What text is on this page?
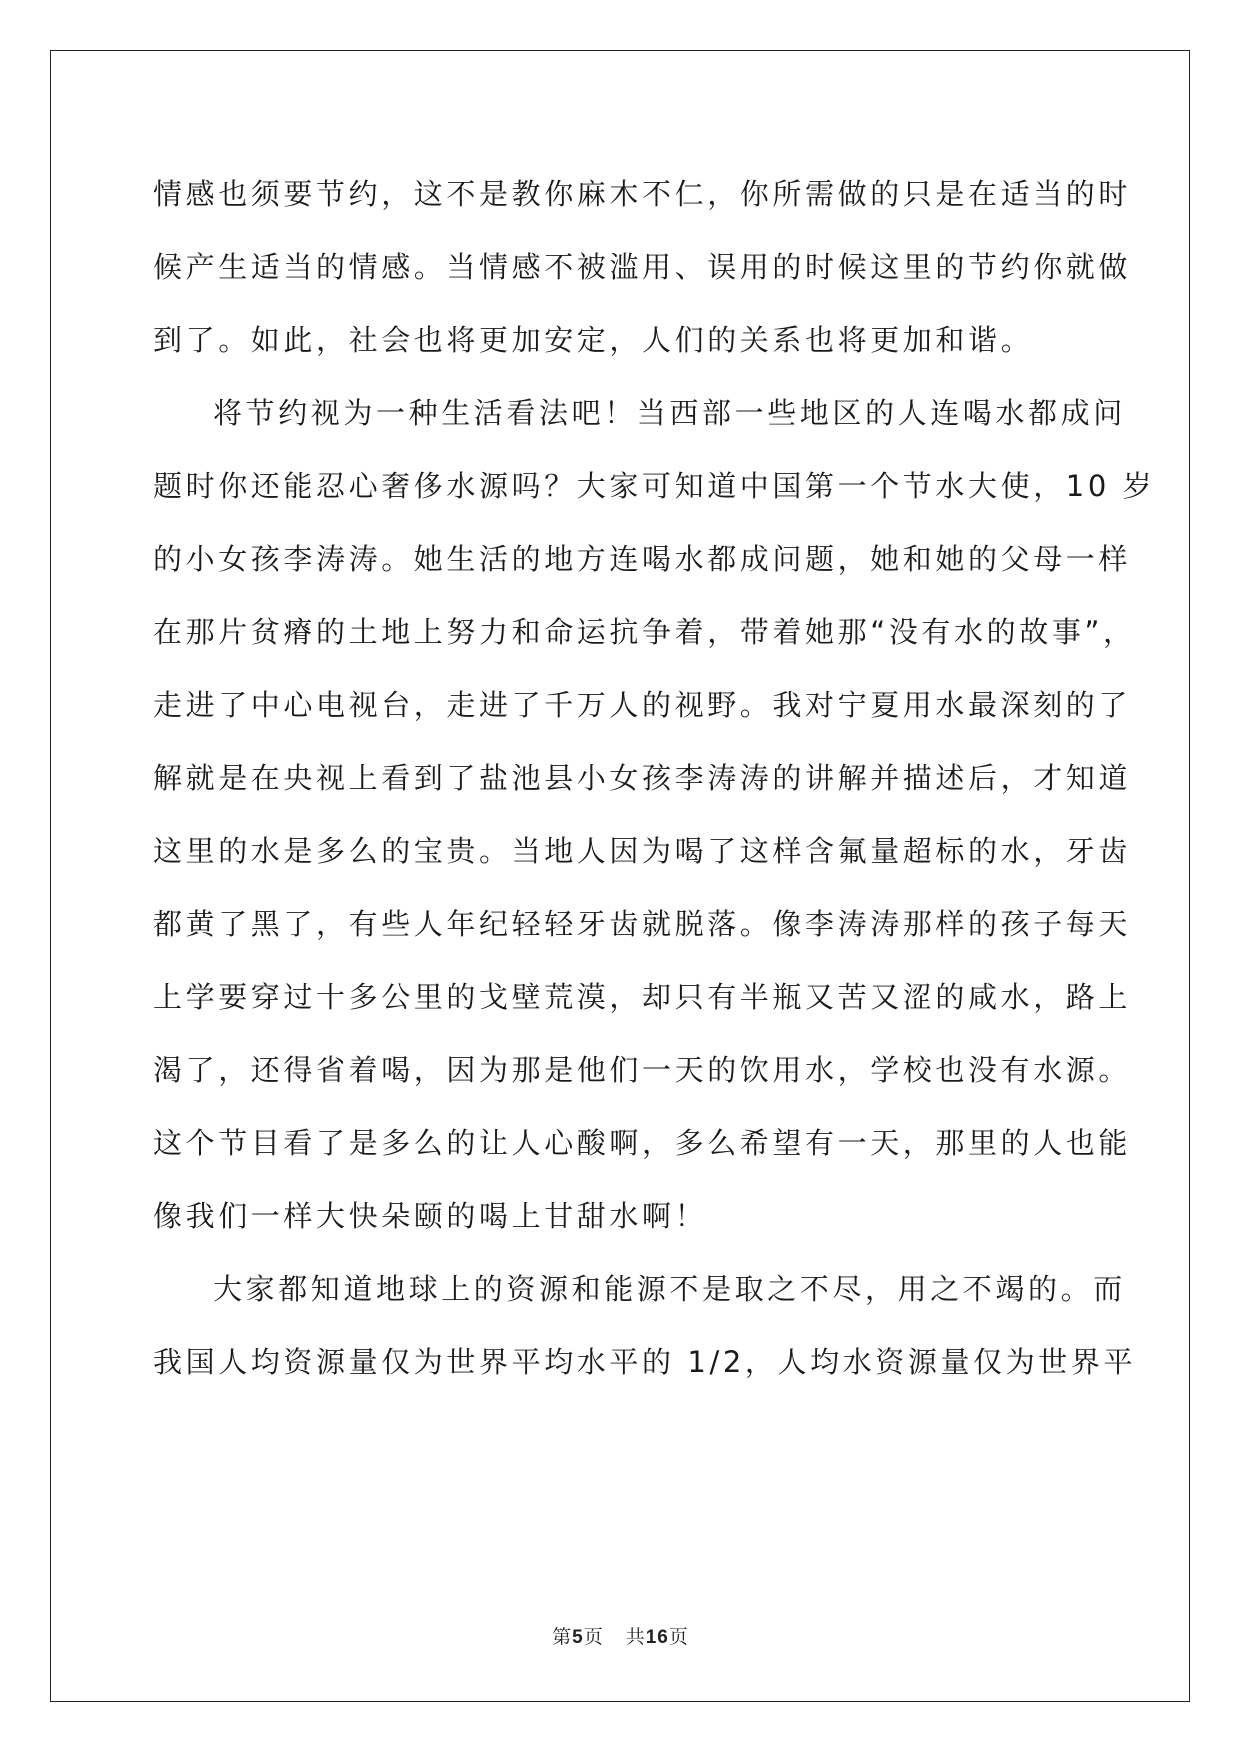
情感也须要节约，这不是教你麻木不仁，你所需做的只是在适当的时
候产生适当的情感。当情感不被滥用、误用的时候这里的节约你就做
到了。如此，社会也将更加安定，人们的关系也将更加和谐。

将节约视为一种生活看法吧！当西部一些地区的人连喝水都成问
题时你还能忍心奢侈水源吗？大家可知道中国第一个节水大使，10 岁
的小女孩李涛涛。她生活的地方连喝水都成问题，她和她的父母一样
在那片贫瘠的土地上努力和命运抗争着，带着她那“没有水的故事”，
走进了中心电视台，走进了千万人的视野。我对宁夏用水最深刻的了
解就是在央视上看到了盐池县小女孩李涛涛的讲解并描述后，才知道
这里的水是多么的宝贵。当地人因为喝了这样含氟量超标的水，牙齿
都黄了黑了，有些人年纪轻轻牙齿就脱落。像李涛涛那样的孩子每天
上学要穿过十多公里的戈壁荒漠，却只有半瓶又苦又涩的咸水，路上
渴了，还得省着喝，因为那是他们一天的饮用水，学校也没有水源。
这个节目看了是多么的让人心酸啊，多么希望有一天，那里的人也能
像我们一样大快朵颐的喝上甘甜水啊！

大家都知道地球上的资源和能源不是取之不尽，用之不竭的。而
我国人均资源量仅为世界平均水平的 1/2，人均水资源量仅为世界平

第5页 共16页
